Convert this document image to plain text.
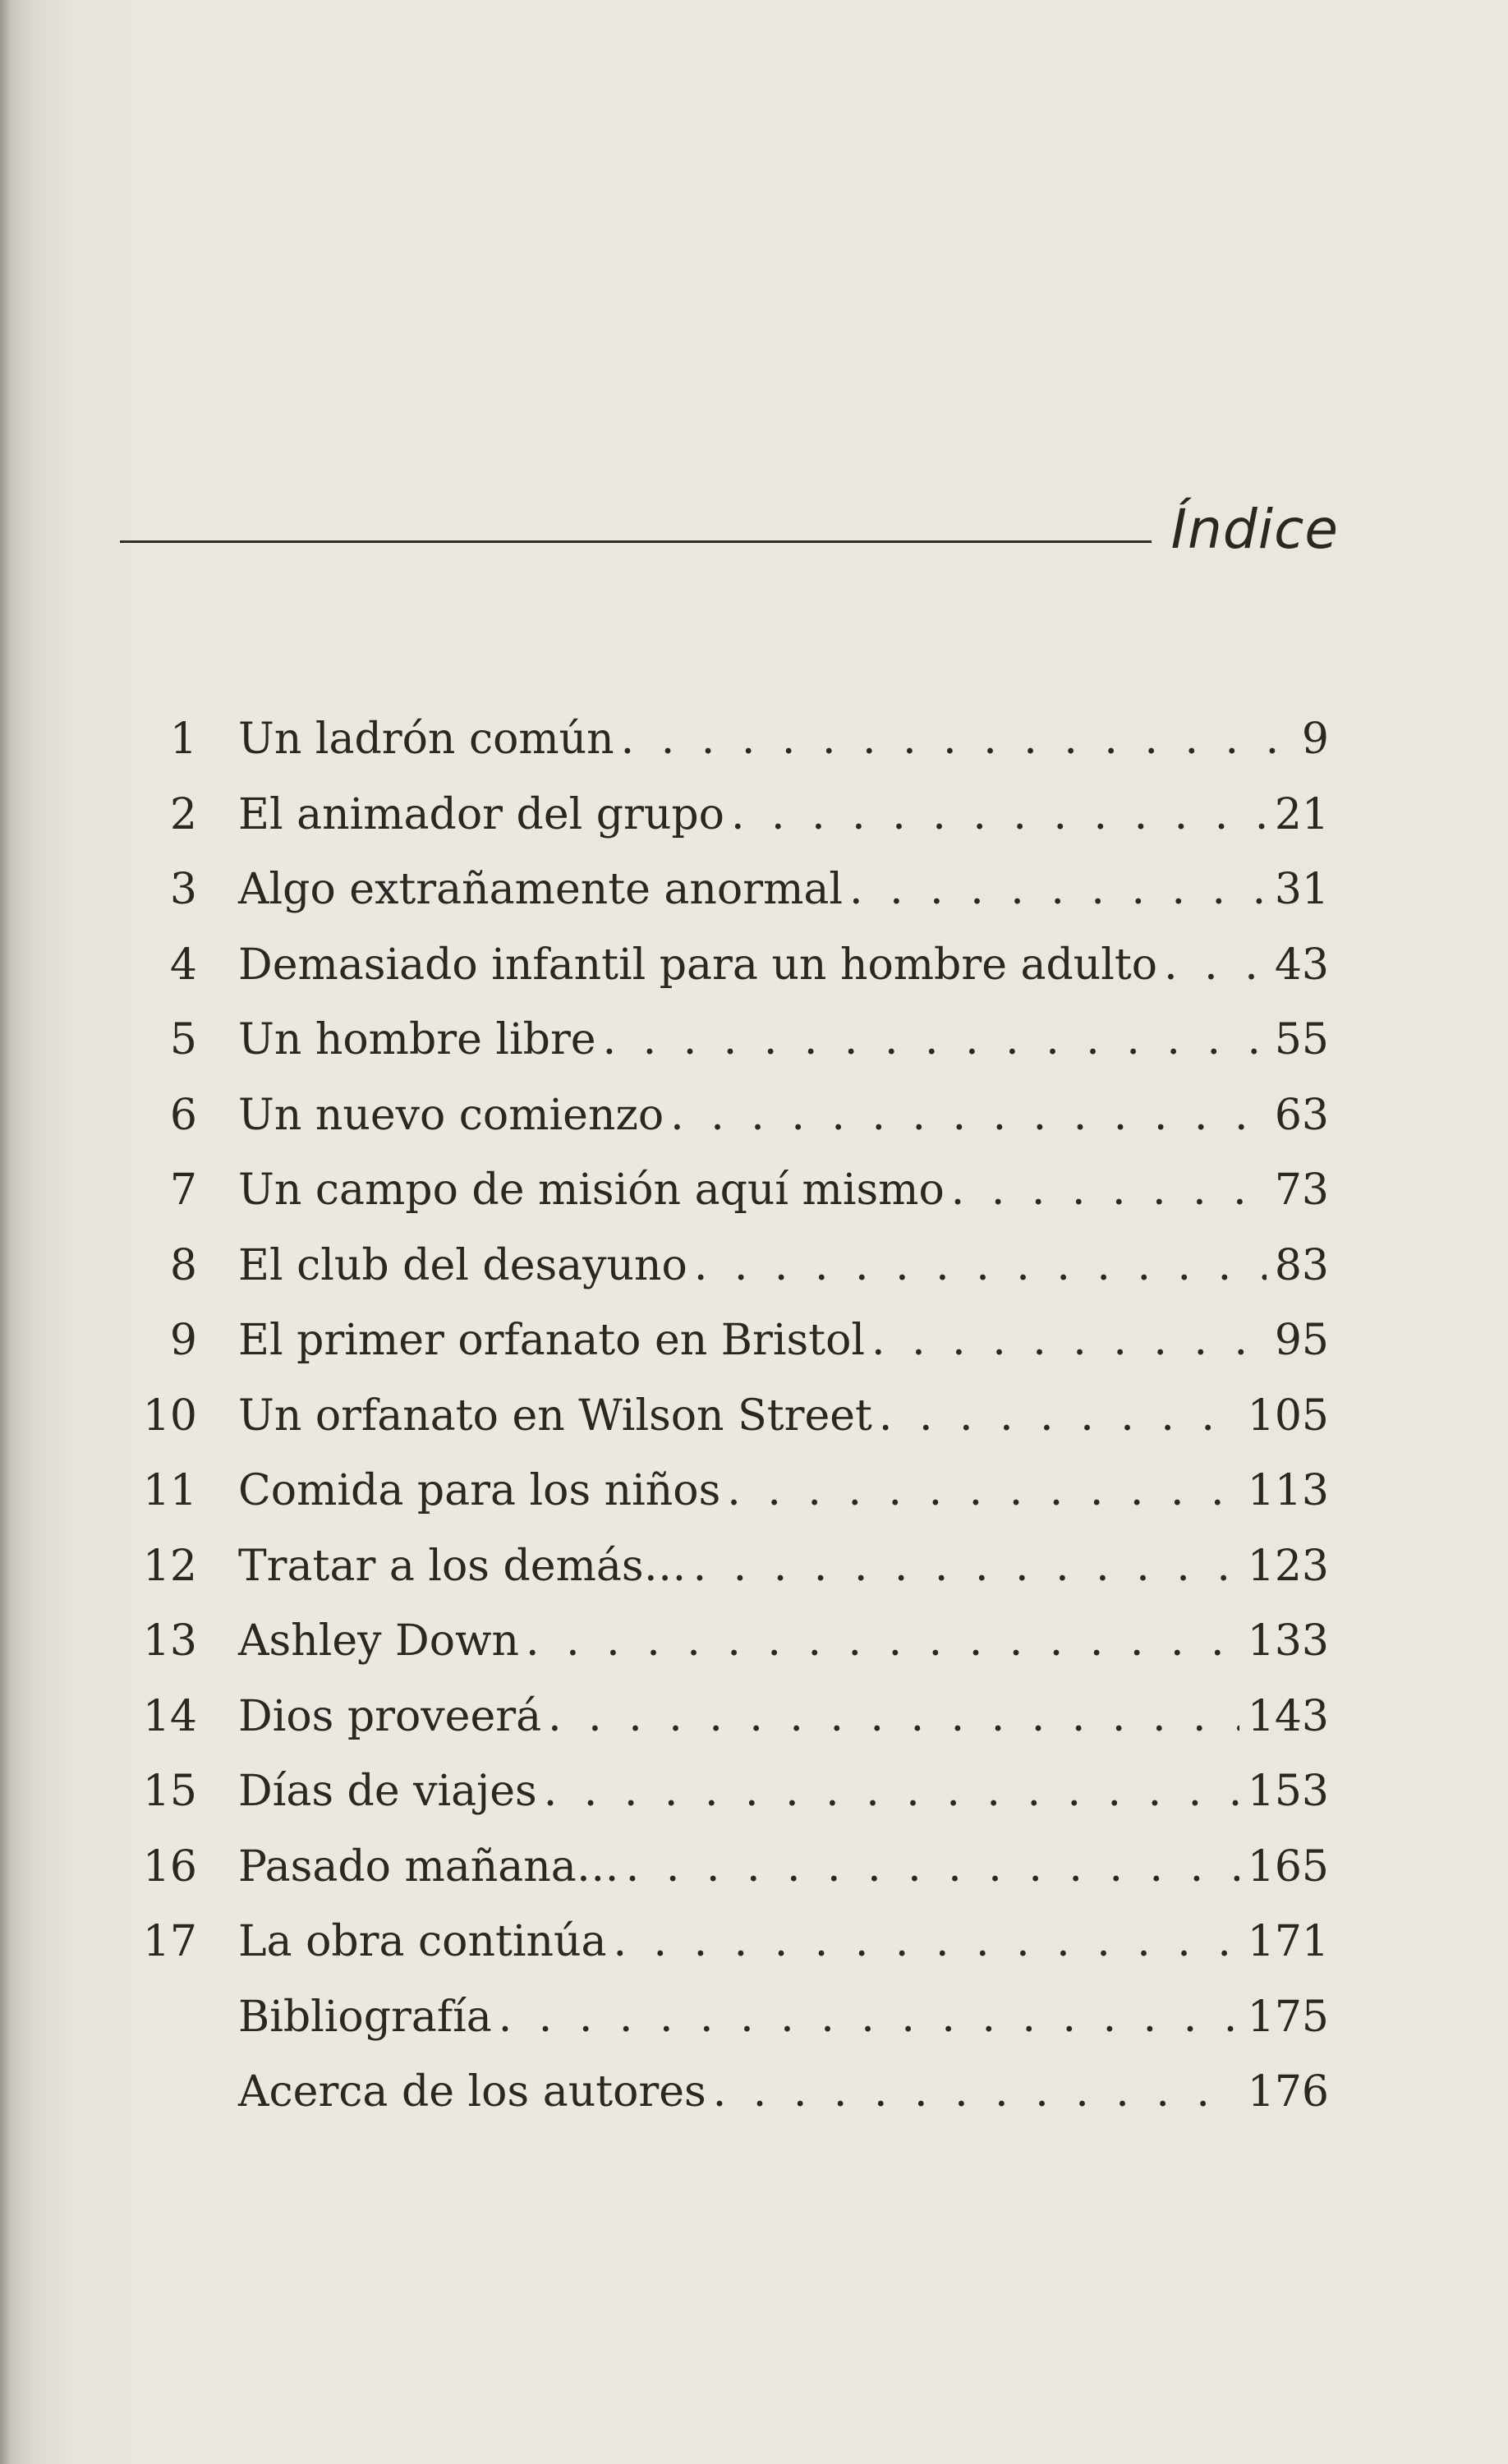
Índice
1 Un ladrón común . . .	9
2 El animador del grupo . . .	21
3 Algo extrañamente anormal . . .	31
4 Demasiado infantil para un hombre adulto . . .	43
5 Un hombre libre . . .	55
6 Un nuevo comienzo . . .	63
7 Un campo de misión aquí mismo . . .	73
8 El club del desayuno . . .	83
9 El primer orfanato en Bristol . . .	95
10 Un orfanato en Wilson Street . . .	105
11 Comida para los niños . . .	113
12 Tratar a los demás… . . .	123
13 Ashley Down . . .	133
14 Dios proveerá . . .	143
15 Días de viajes . . .	153
16 Pasado mañana… . . .	165
17 La obra continúa . . .	171
Bibliografía . . .	175
Acerca de los autores . . .	176
